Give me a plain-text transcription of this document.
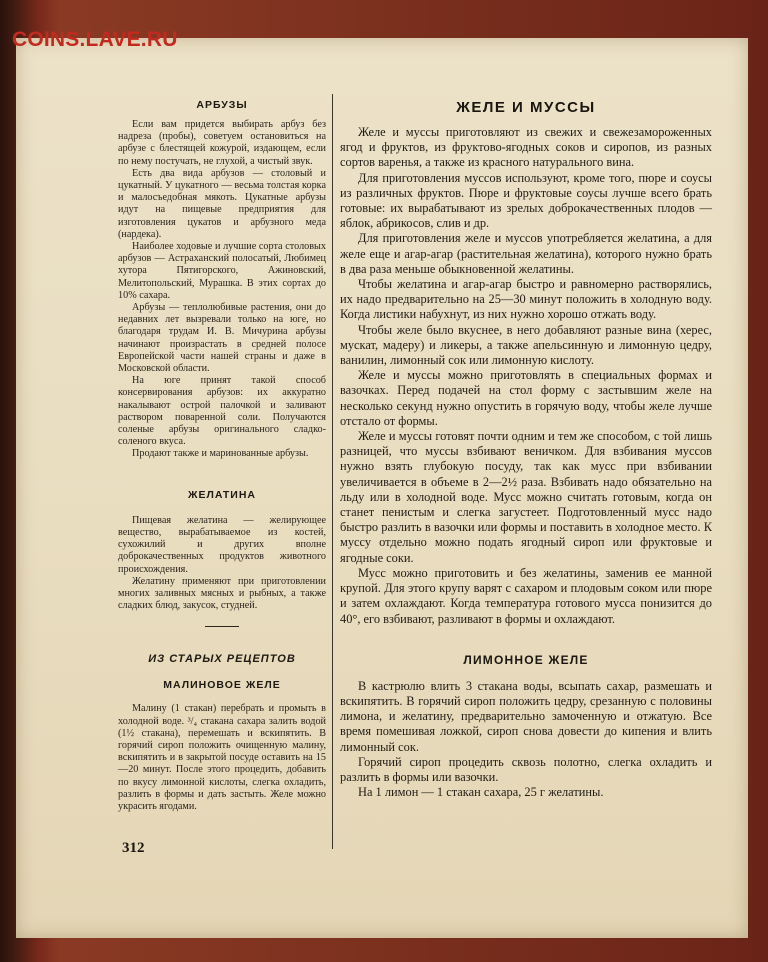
COINS.LAVE.RU
АРБУЗЫ

Если вам придется выбирать арбуз без надреза (пробы), советуем остановиться на арбузе с блестящей кожурой, издающем, если по нему постучать, не глухой, а чистый звук.

Есть два вида арбузов — столовый и цукатный. У цукатного — весьма толстая корка и малосъедобная мякоть. Цукатные арбузы идут на пищевые предприятия для изготовления цукатов и арбузного меда (нардека).

Наиболее ходовые и лучшие сорта столовых арбузов — Астраханский полосатый, Любимец хутора Пятигорского, Ажиновский, Мелитопольский, Мурашка. В этих сортах до 10% сахара.

Арбузы — теплолюбивые растения, они до недавних лет вызревали только на юге, но благодаря трудам И. В. Мичурина арбузы начинают произрастать в средней полосе Европейской части нашей страны и даже в Московской области.

На юге принят такой способ консервирования арбузов: их аккуратно накалывают острой палочкой и заливают раствором поваренной соли. Получаются соленые арбузы оригинального сладко-соленого вкуса.

Продают также и маринованные арбузы.

ЖЕЛАТИНА

Пищевая желатина — желирующее вещество, вырабатываемое из костей, сухожилий и других вполне доброкачественных продуктов животного происхождения.

Желатину применяют при приготовлении многих заливных мясных и рыбных, а также сладких блюд, закусок, студней.

ИЗ СТАРЫХ РЕЦЕПТОВ
МАЛИНОВОЕ ЖЕЛЕ

Малину (1 стакан) перебрать и промыть в холодной воде. ³/₄ стакана сахара залить водой (1½ стакана), перемешать и вскипятить. В горячий сироп положить очищенную малину, вскипятить и в закрытой посуде оставить на 15—20 минут. После этого процедить, добавить по вкусу лимонной кислоты, слегка охладить, разлить в формы и дать застыть. Желе можно украсить ягодами.

ЖЕЛЕ И МУССЫ

Желе и муссы приготовляют из свежих и свежезамороженных ягод и фруктов, из фруктово-ягодных соков и сиропов, из разных сортов варенья, а также из красного натурального вина.

Для приготовления муссов используют, кроме того, пюре и соусы из различных фруктов. Пюре и фруктовые соусы лучше всего брать готовые: их вырабатывают из зрелых доброкачественных плодов — яблок, абрикосов, слив и др.

Для приготовления желе и муссов употребляется желатина, а для желе еще и агар-агар (растительная желатина), которого нужно брать в два раза меньше обыкновенной желатины.

Чтобы желатина и агар-агар быстро и равномерно растворялись, их надо предварительно на 25—30 минут положить в холодную воду. Когда листики набухнут, из них нужно хорошо отжать воду.

Чтобы желе было вкуснее, в него добавляют разные вина (херес, мускат, мадеру) и ликеры, а также апельсинную и лимонную цедру, ванилин, лимонный сок или лимонную кислоту.

Желе и муссы можно приготовлять в специальных формах и вазочках. Перед подачей на стол форму с застывшим желе на несколько секунд нужно опустить в горячую воду, чтобы желе лучше отстало от формы.

Желе и муссы готовят почти одним и тем же способом, с той лишь разницей, что муссы взбивают веничком. Для взбивания муссов нужно взять глубокую посуду, так как мусс при взбивании увеличивается в объеме в 2—2½ раза. Взбивать надо обязательно на льду или в холодной воде. Мусс можно считать готовым, когда он станет пенистым и слегка загустеет. Подготовленный мусс надо быстро разлить в вазочки или формы и поставить в холодное место. К муссу отдельно можно подать ягодный сироп или фруктовые и ягодные соки.

Мусс можно приготовить и без желатины, заменив ее манной крупой. Для этого крупу варят с сахаром и плодовым соком или пюре и затем охлаждают. Когда температура готового мусса понизится до 40°, его взбивают, разливают в формы и охлаждают.

ЛИМОННОЕ ЖЕЛЕ

В кастрюлю влить 3 стакана воды, всыпать сахар, размешать и вскипятить. В горячий сироп положить цедру, срезанную с половины лимона, и желатину, предварительно замоченную и отжатую. Все время помешивая ложкой, сироп снова довести до кипения и влить лимонный сок.

Горячий сироп процедить сквозь полотно, слегка охладить и разлить в формы или вазочки.

На 1 лимон — 1 стакан сахара, 25 г желатины.

312
